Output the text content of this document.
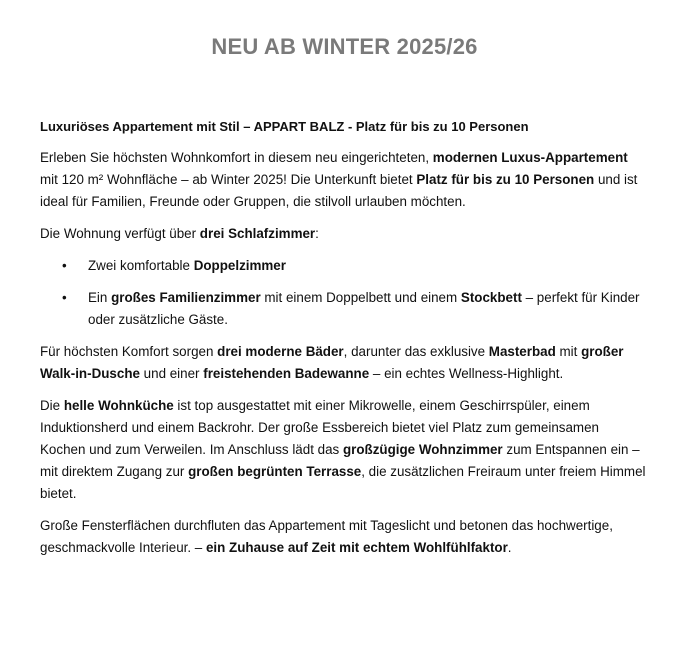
NEU AB WINTER 2025/26

Luxuriöses Appartement mit Stil – APPART BALZ - Platz für bis zu 10 Personen

Erleben Sie höchsten Wohnkomfort in diesem neu eingerichteten, modernen Luxus-Appartement mit 120 m² Wohnfläche – ab Winter 2025! Die Unterkunft bietet Platz für bis zu 10 Personen und ist ideal für Familien, Freunde oder Gruppen, die stilvoll urlauben möchten.

Die Wohnung verfügt über drei Schlafzimmer:

• Zwei komfortable Doppelzimmer
• Ein großes Familienzimmer mit einem Doppelbett und einem Stockbett – perfekt für Kinder oder zusätzliche Gäste.

Für höchsten Komfort sorgen drei moderne Bäder, darunter das exklusive Masterbad mit großer Walk-in-Dusche und einer freistehenden Badewanne – ein echtes Wellness-Highlight.

Die helle Wohnküche ist top ausgestattet mit einer Mikrowelle, einem Geschirrspüler, einem Induktionsherd und einem Backrohr. Der große Essbereich bietet viel Platz zum gemeinsamen Kochen und zum Verweilen. Im Anschluss lädt das großzügige Wohnzimmer zum Entspannen ein – mit direktem Zugang zur großen begrünten Terrasse, die zusätzlichen Freiraum unter freiem Himmel bietet.

Große Fensterflächen durchfluten das Appartement mit Tageslicht und betonen das hochwertige, geschmackvolle Interieur. – ein Zuhause auf Zeit mit echtem Wohlfühlfaktor.
